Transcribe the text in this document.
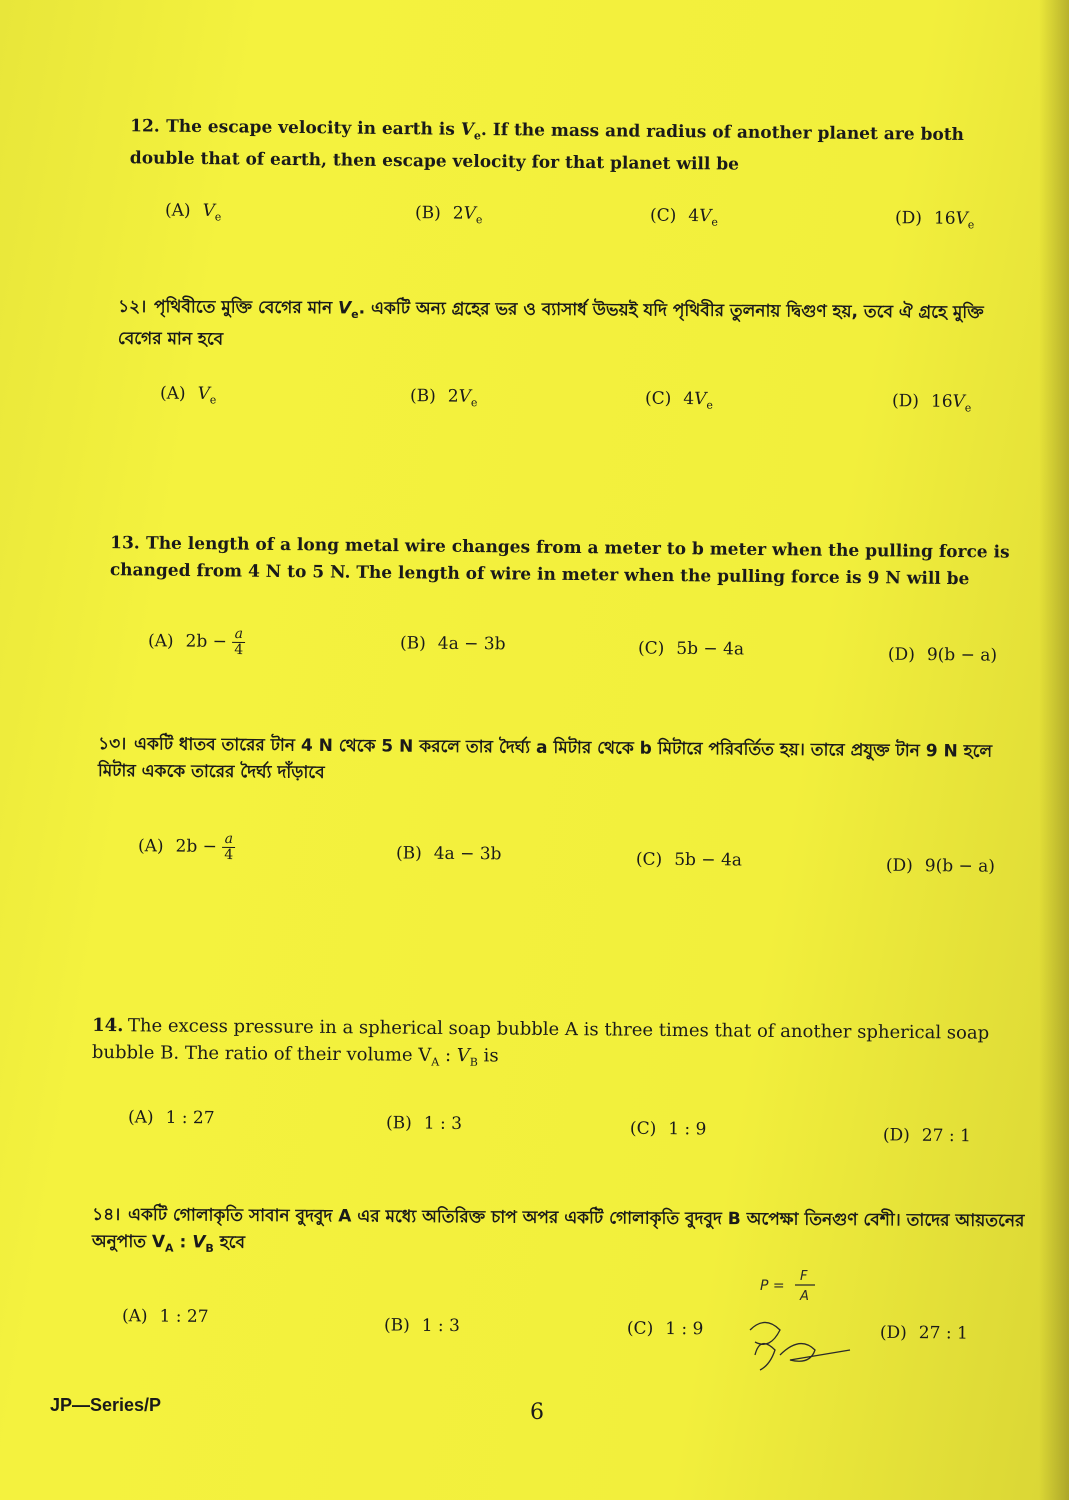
12. The escape velocity in earth is $V_e$. If the mass and radius of another planet are both double that of earth, then escape velocity for that planet will be
(A) $V_e$	(B) $2V_e$	(C) $4V_e$	(D) $16V_e$
১২। পৃথিবীতে মুক্তি বেগের মান $V_e$. একটি অন্য গ্রহের ভর ও ব্যাসার্ধ উভয়ই যদি পৃথিবীর তুলনায় দ্বিগুণ হয়, তবে ঐ গ্রহে মুক্তি বেগের মান হবে
(A) $V_e$	(B) $2V_e$	(C) $4V_e$	(D) $16V_e$
13. The length of a long metal wire changes from a meter to b meter when the pulling force is changed from 4 N to 5 N. The length of wire in meter when the pulling force is 9 N will be
(A) $2b - \frac{a}{4}$	(B) 4a − 3b	(C) 5b − 4a	(D) 9(b − a)
১৩। একটি ধাতব তারের টান 4 N থেকে 5 N করলে তার দৈর্ঘ্য a মিটার থেকে b মিটারে পরিবর্তিত হয়। তারে প্রযুক্ত টান 9 N হলে মিটার এককে তারের দৈর্ঘ্য দাঁড়াবে
(A) $2b - \frac{a}{4}$	(B) 4a − 3b	(C) 5b − 4a	(D) 9(b − a)
14. The excess pressure in a spherical soap bubble A is three times that of another spherical soap bubble B. The ratio of their volume $V_A$ : $V_B$ is
(A) 1 : 27	(B) 1 : 3	(C) 1 : 9	(D) 27 : 1
১৪। একটি গোলাকৃতি সাবান বুদবুদ A এর মধ্যে অতিরিক্ত চাপ অপর একটি গোলাকৃতি বুদবুদ B অপেক্ষা তিনগুণ বেশী। তাদের আয়তনের অনুপাত $V_A$ : $V_B$ হবে
(A) 1 : 27	(B) 1 : 3	(C) 1 : 9	(D) 27 : 1
P =
F
A
JP—Series/P	6
